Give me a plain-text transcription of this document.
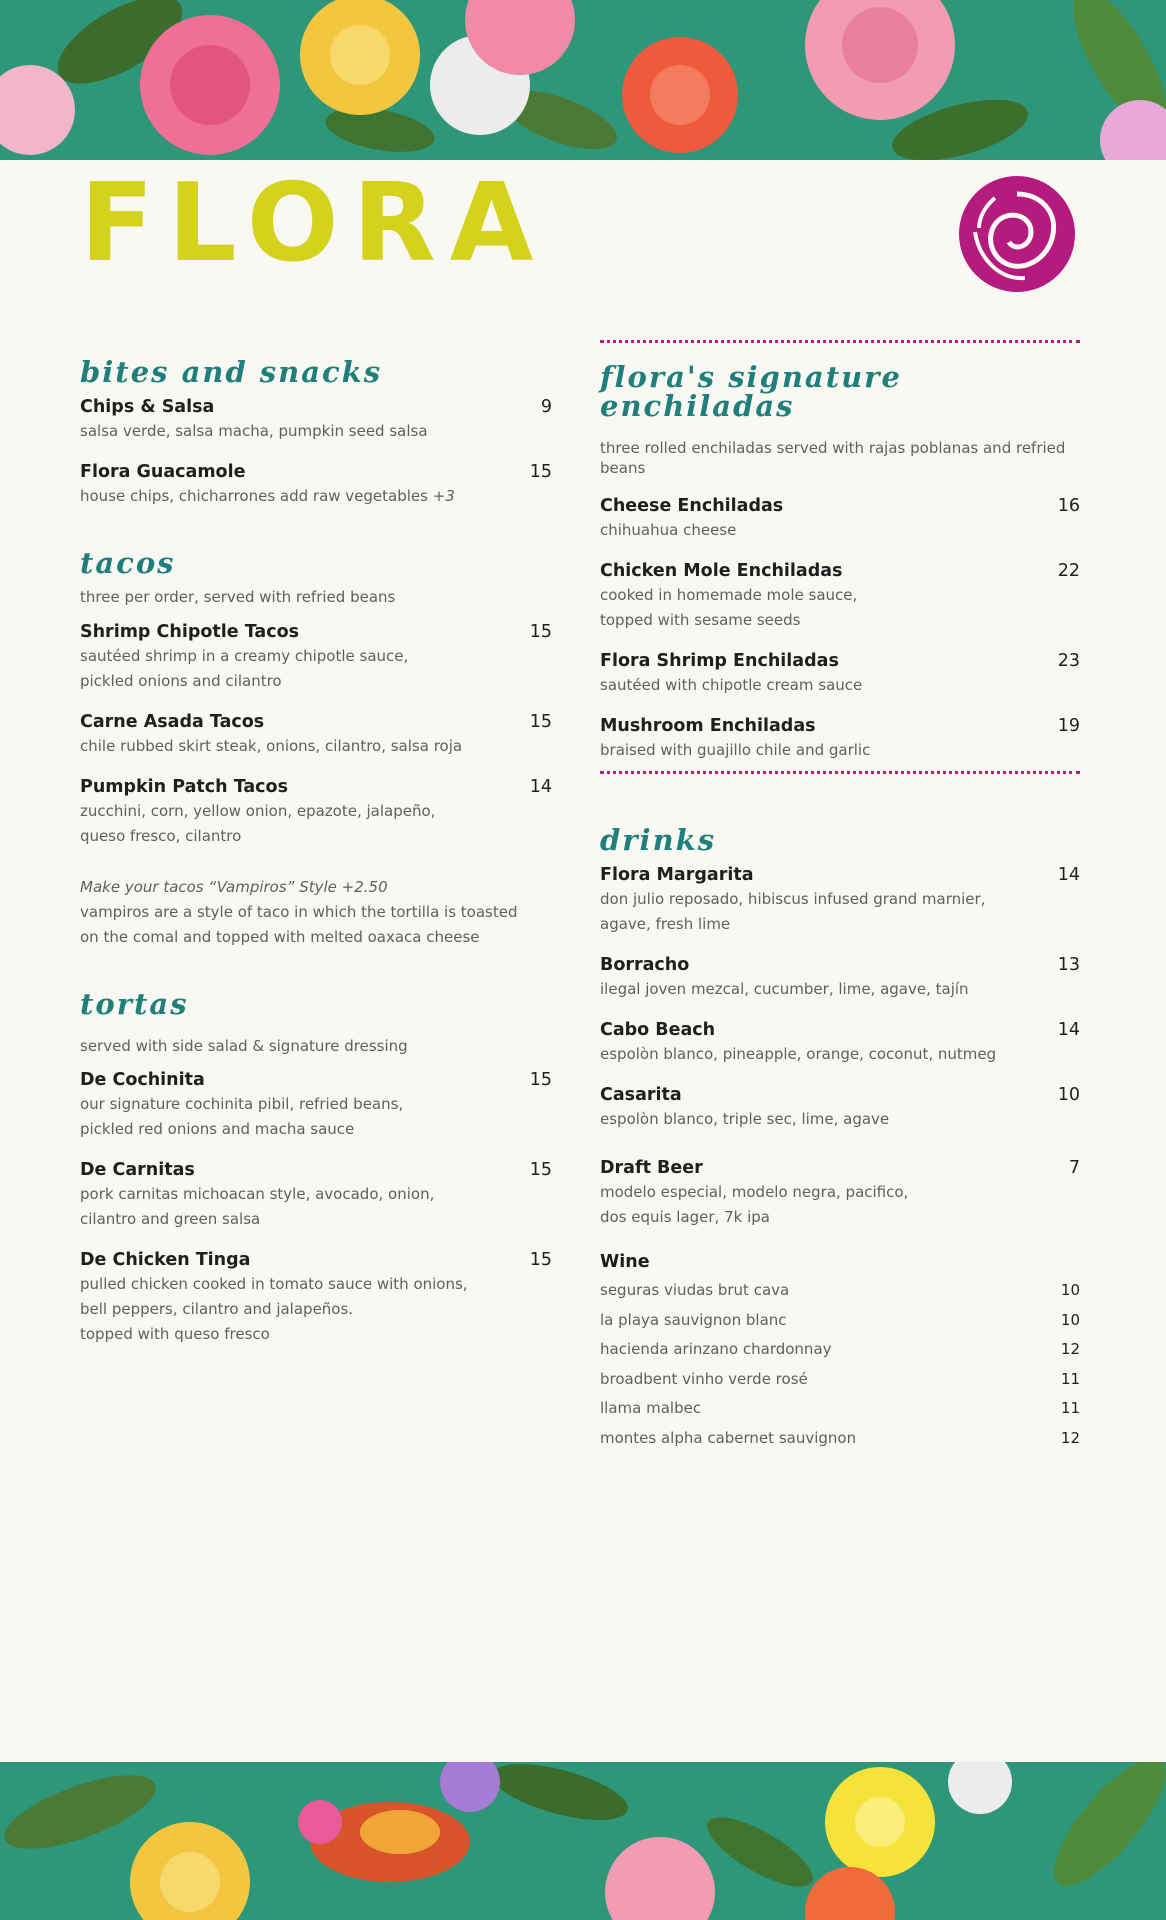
FLORA
bites and snacks
Chips & Salsa	9
salsa verde, salsa macha, pumpkin seed salsa
Flora Guacamole	15
house chips, chicharrones add raw vegetables +3
tacos

three per order, served with refried beans

Shrimp Chipotle Tacos	15
sautéed shrimp in a creamy chipotle sauce,
pickled onions and cilantro
Carne Asada Tacos	15
chile rubbed skirt steak, onions, cilantro, salsa roja
Pumpkin Patch Tacos	14
zucchini, corn, yellow onion, epazote, jalapeño,
queso fresco, cilantro
Make your tacos “Vampiros” Style +2.50
vampiros are a style of taco in which the tortilla is toasted
on the comal and topped with melted oaxaca cheese
tortas

served with side salad & signature dressing

De Cochinita	15
our signature cochinita pibil, refried beans,
pickled red onions and macha sauce
De Carnitas	15
pork carnitas michoacan style, avocado, onion,
cilantro and green salsa
De Chicken Tinga	15
pulled chicken cooked in tomato sauce with onions,
bell peppers, cilantro and jalapeños.
topped with queso fresco
flora's signature enchiladas

three rolled enchiladas served with rajas poblanas and refried beans

Cheese Enchiladas	16
chihuahua cheese
Chicken Mole Enchiladas	22
cooked in homemade mole sauce,
topped with sesame seeds
Flora Shrimp Enchiladas	23
sautéed with chipotle cream sauce
Mushroom Enchiladas	19
braised with guajillo chile and garlic
drinks
Flora Margarita	14
don julio reposado, hibiscus infused grand marnier,
agave, fresh lime
Borracho	13
ilegal joven mezcal, cucumber, lime, agave, tajín
Cabo Beach	14
espolòn blanco, pineapple, orange, coconut, nutmeg
Casarita	10
espolòn blanco, triple sec, lime, agave
Draft Beer	7
modelo especial, modelo negra, pacifico,
dos equis lager, 7k ipa
Wine
seguras viudas brut cava	10
la playa sauvignon blanc	10
hacienda arinzano chardonnay	12
broadbent vinho verde rosé	11
llama malbec	11
montes alpha cabernet sauvignon	12
